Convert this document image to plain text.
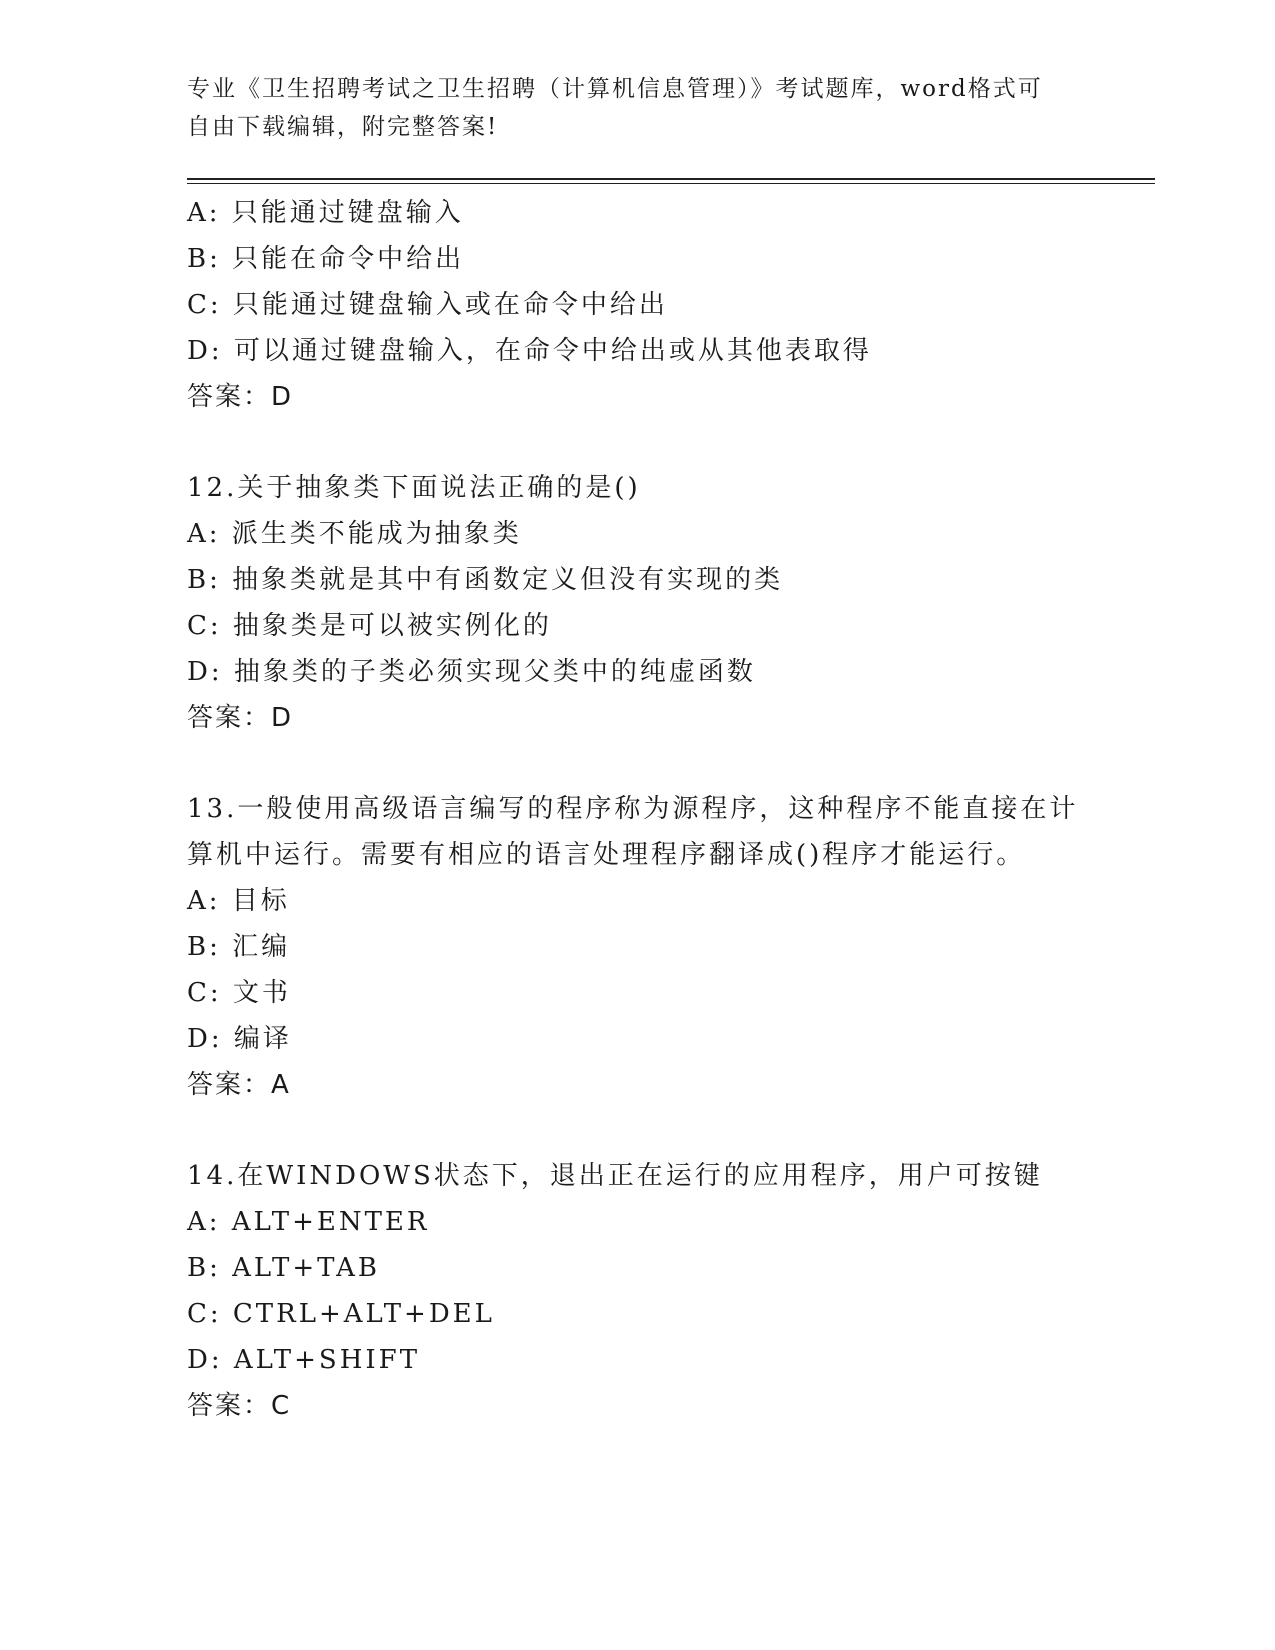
专业《卫生招聘考试之卫生招聘（计算机信息管理）》考试题库，word格式可自由下载编辑，附完整答案!
A: 只能通过键盘输入
B: 只能在命令中给出
C: 只能通过键盘输入或在命令中给出
D: 可以通过键盘输入，在命令中给出或从其他表取得
答案：D
12.关于抽象类下面说法正确的是()
A: 派生类不能成为抽象类
B: 抽象类就是其中有函数定义但没有实现的类
C: 抽象类是可以被实例化的
D: 抽象类的子类必须实现父类中的纯虚函数
答案：D
13.一般使用高级语言编写的程序称为源程序，这种程序不能直接在计算机中运行。需要有相应的语言处理程序翻译成()程序才能运行。
A: 目标
B: 汇编
C: 文书
D: 编译
答案：A
14.在WINDOWS状态下，退出正在运行的应用程序，用户可按键
A: ALT+ENTER
B: ALT+TAB
C: CTRL+ALT+DEL
D: ALT+SHIFT
答案：C
